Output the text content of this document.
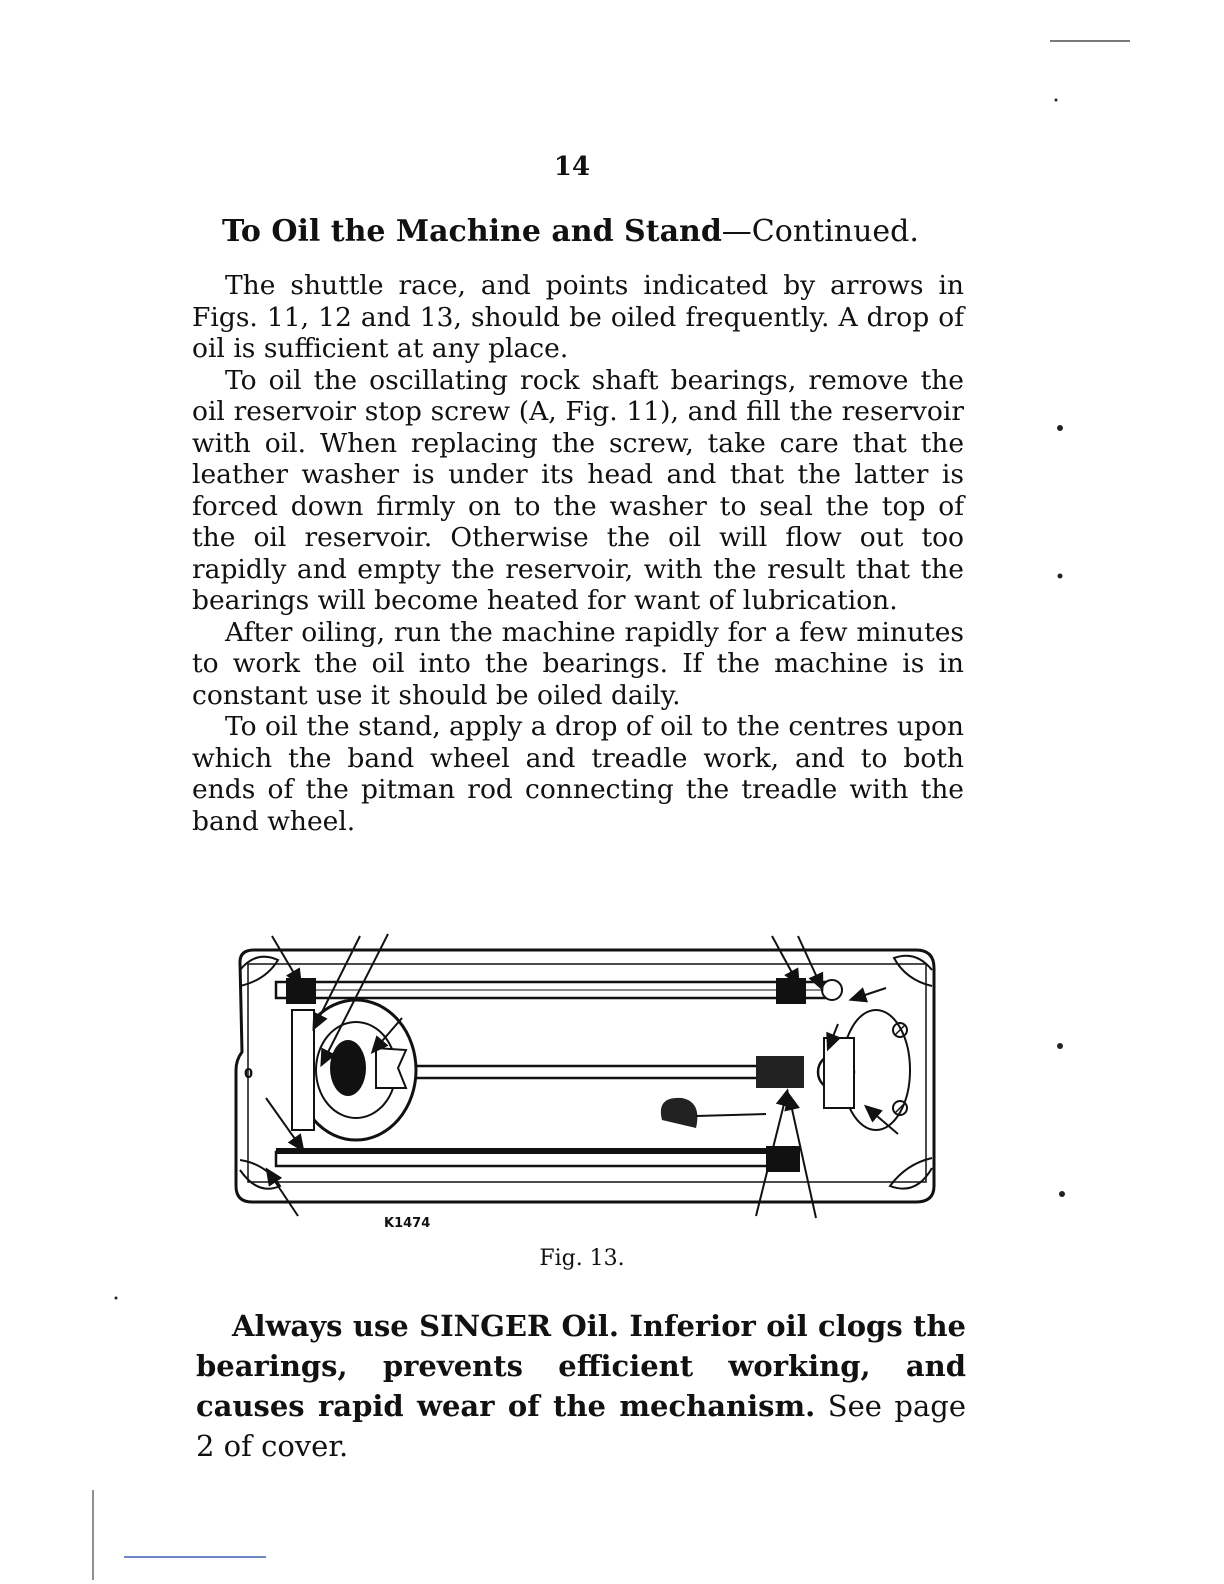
14
To Oil the Machine and Stand—Continued.

The shuttle race, and points indicated by arrows in Figs. 11, 12 and 13, should be oiled frequently. A drop of oil is sufficient at any place.

To oil the oscillating rock shaft bearings, remove the oil reservoir stop screw (A, Fig. 11), and fill the reservoir with oil. When replacing the screw, take care that the leather washer is under its head and that the latter is forced down firmly on to the washer to seal the top of the oil reservoir. Otherwise the oil will flow out too rapidly and empty the reservoir, with the result that the bearings will become heated for want of lubrication.

After oiling, run the machine rapidly for a few minutes to work the oil into the bearings. If the machine is in constant use it should be oiled daily.

To oil the stand, apply a drop of oil to the centres upon which the band wheel and treadle work, and to both ends of the pitman rod connecting the treadle with the band wheel.

0
K1474
Fig. 13.

Always use SINGER Oil. Inferior oil clogs the bearings, prevents efficient working, and causes rapid wear of the mechanism. See page 2 of cover.
